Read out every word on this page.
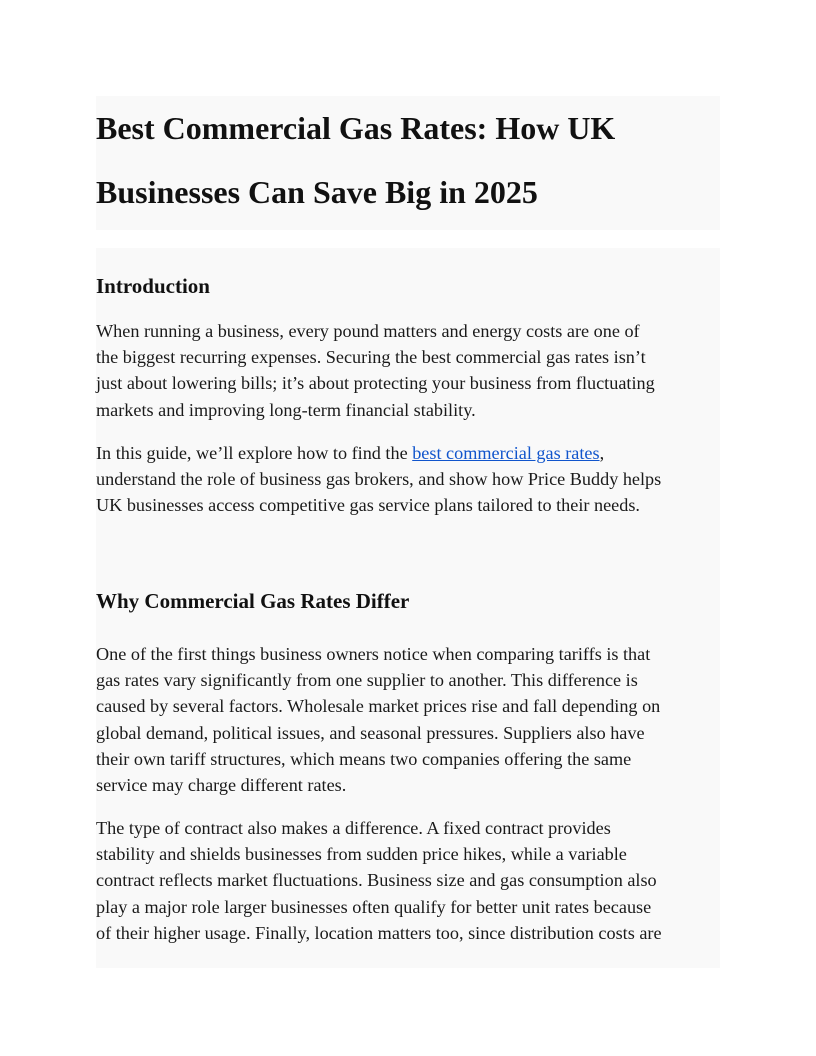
Best Commercial Gas Rates: How UK
Businesses Can Save Big in 2025
Introduction

When running a business, every pound matters and energy costs are one of
the biggest recurring expenses. Securing the best commercial gas rates isn’t
just about lowering bills; it’s about protecting your business from fluctuating
markets and improving long-term financial stability.

In this guide, we’ll explore how to find the best commercial gas rates,
understand the role of business gas brokers, and show how Price Buddy helps
UK businesses access competitive gas service plans tailored to their needs.

Why Commercial Gas Rates Differ

One of the first things business owners notice when comparing tariffs is that
gas rates vary significantly from one supplier to another. This difference is
caused by several factors. Wholesale market prices rise and fall depending on
global demand, political issues, and seasonal pressures. Suppliers also have
their own tariff structures, which means two companies offering the same
service may charge different rates.

The type of contract also makes a difference. A fixed contract provides
stability and shields businesses from sudden price hikes, while a variable
contract reflects market fluctuations. Business size and gas consumption also
play a major role larger businesses often qualify for better unit rates because
of their higher usage. Finally, location matters too, since distribution costs are
